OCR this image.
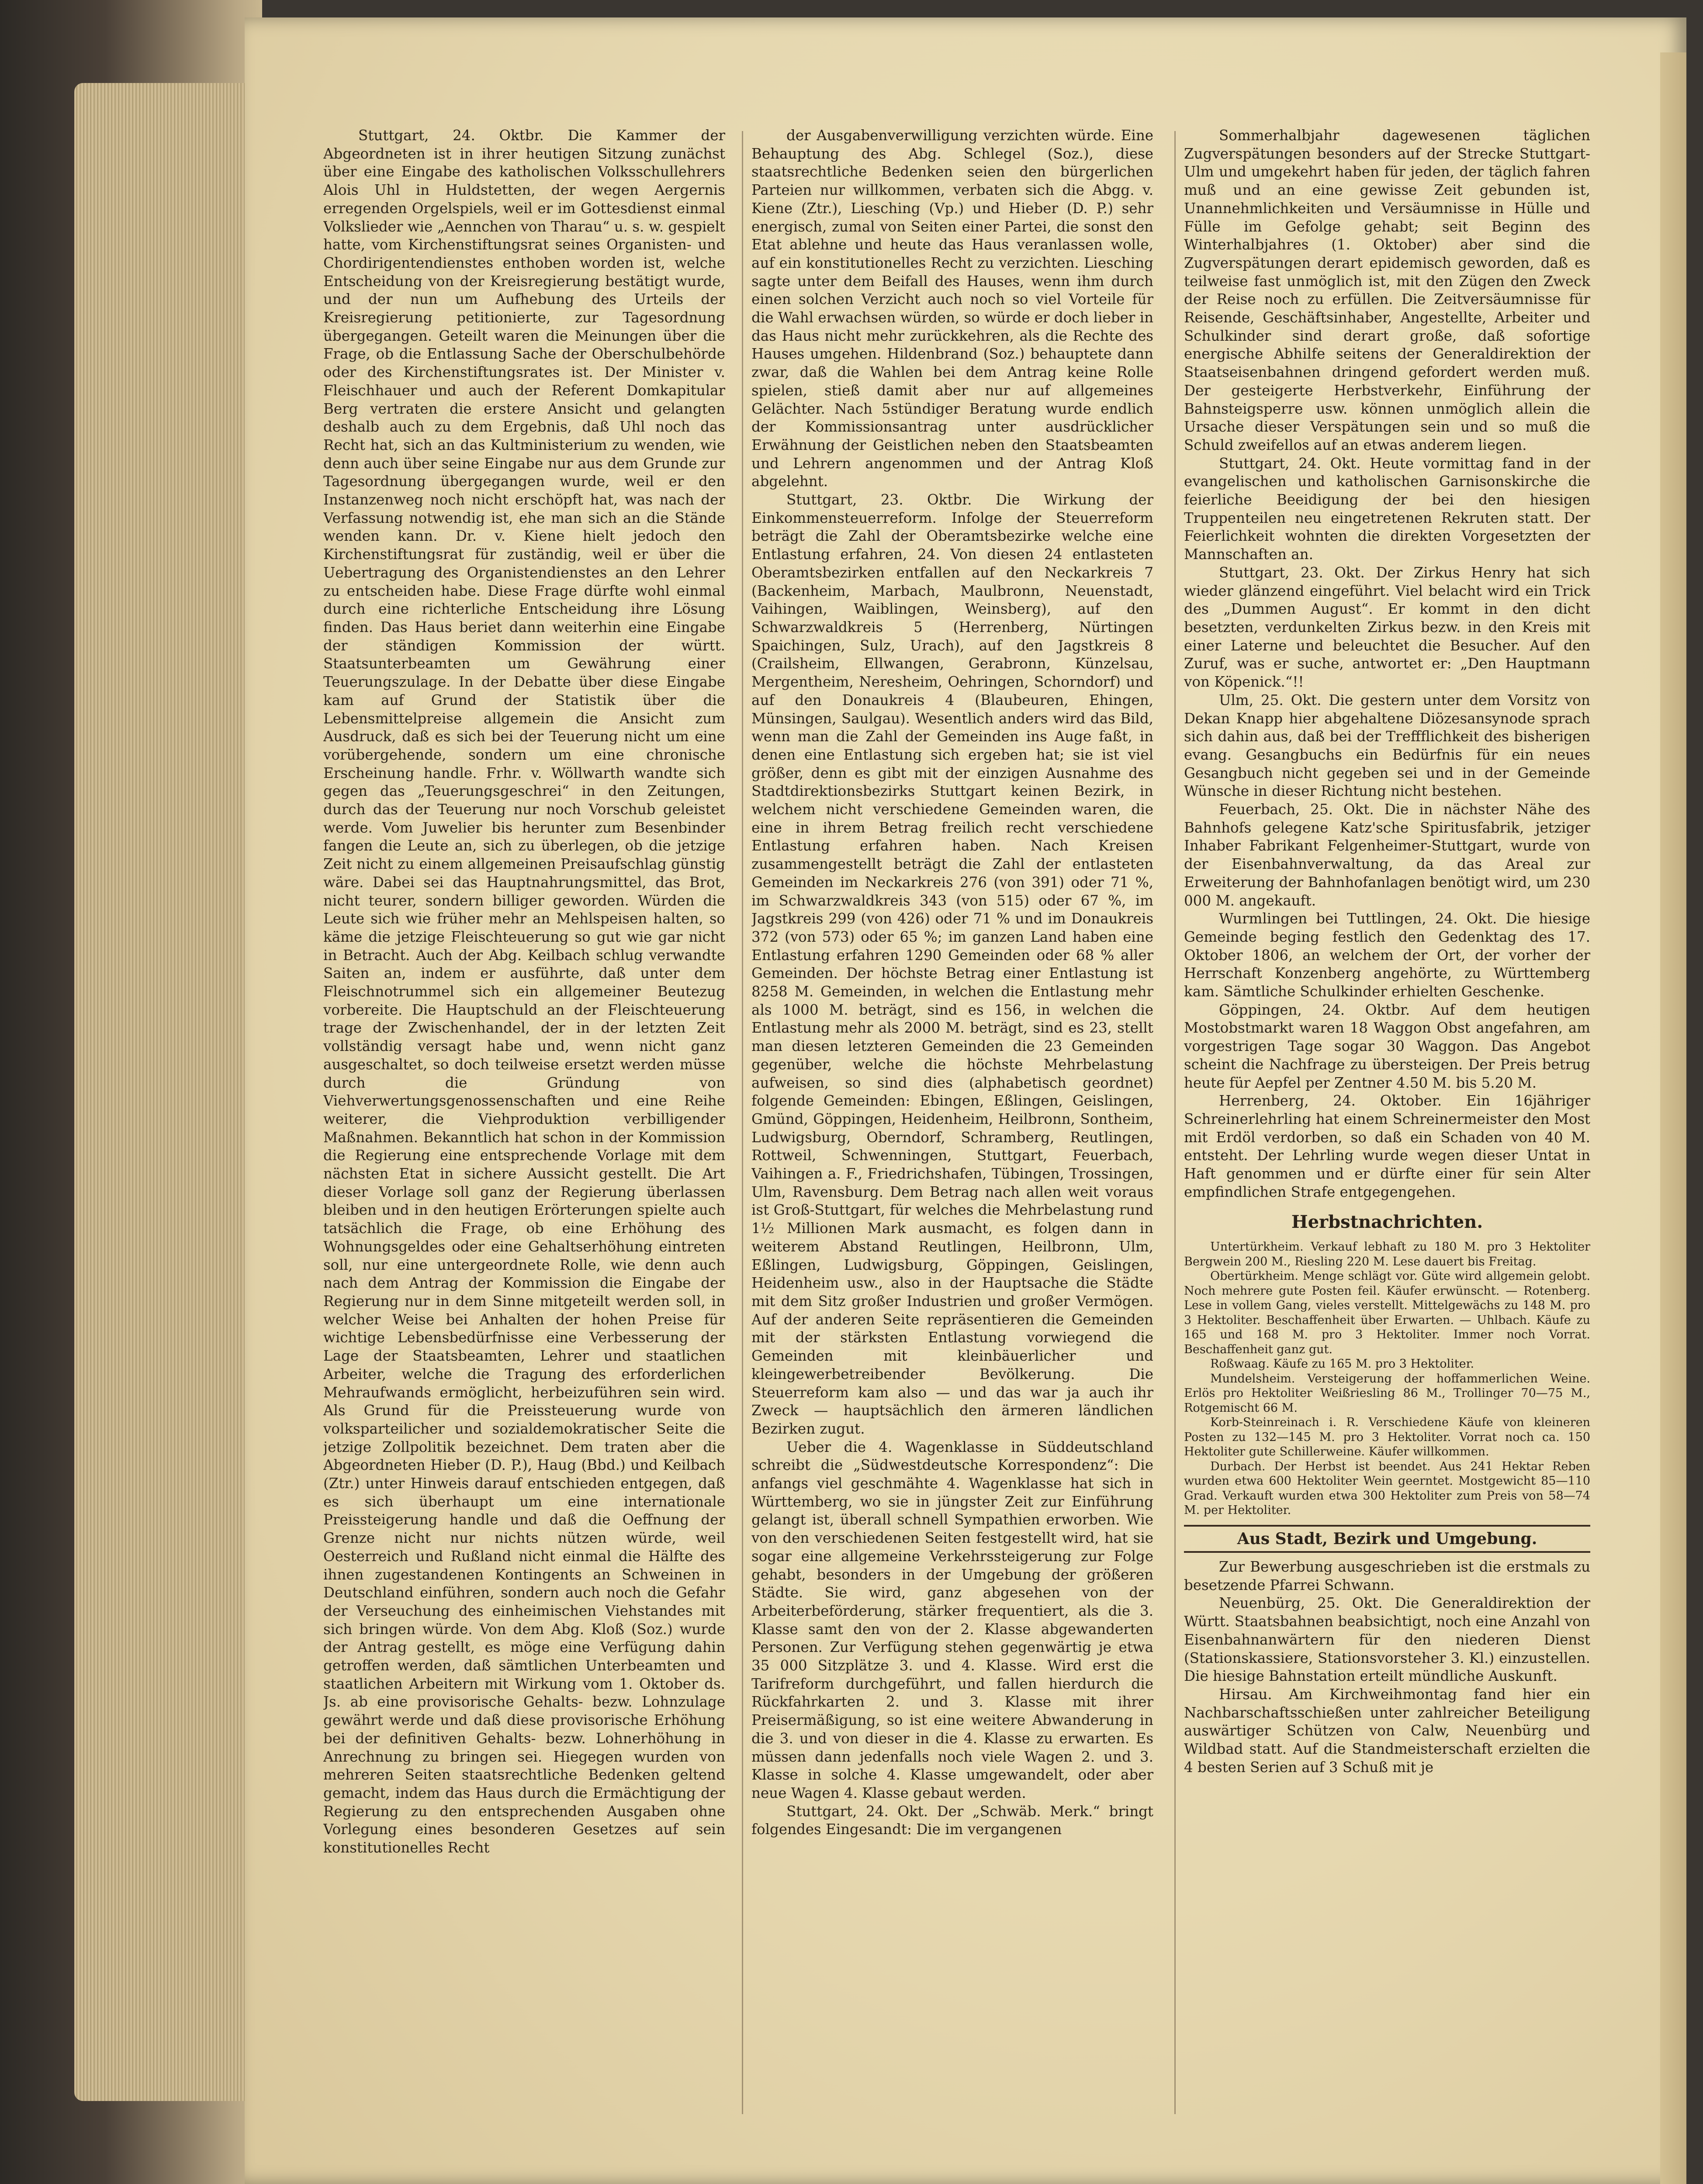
Stuttgart, 24. Oktbr. Die Kammer der Abgeordneten ist in ihrer heutigen Sitzung zunächst über eine Eingabe des katholischen Volksschullehrers Alois Uhl in Huldstetten, der wegen Aergernis erregenden Orgelspiels, weil er im Gottesdienst einmal Volkslieder wie „Aennchen von Tharau“ u. s. w. gespielt hatte, vom Kirchenstiftungsrat seines Organisten- und Chordirigentendienstes enthoben worden ist, welche Entscheidung von der Kreisregierung bestätigt wurde, und der nun um Aufhebung des Urteils der Kreisregierung petitionierte, zur Tagesordnung übergegangen. Geteilt waren die Meinungen über die Frage, ob die Entlassung Sache der Oberschulbehörde oder des Kirchenstiftungsrates ist. Der Minister v. Fleischhauer und auch der Referent Domkapitular Berg vertraten die erstere Ansicht und gelangten deshalb auch zu dem Ergebnis, daß Uhl noch das Recht hat, sich an das Kultministerium zu wenden, wie denn auch über seine Eingabe nur aus dem Grunde zur Tagesordnung übergegangen wurde, weil er den Instanzenweg noch nicht erschöpft hat, was nach der Verfassung notwendig ist, ehe man sich an die Stände wenden kann. Dr. v. Kiene hielt jedoch den Kirchenstiftungsrat für zuständig, weil er über die Uebertragung des Organistendienstes an den Lehrer zu entscheiden habe. Diese Frage dürfte wohl einmal durch eine richterliche Entscheidung ihre Lösung finden. Das Haus beriet dann weiterhin eine Eingabe der ständigen Kommission der württ. Staatsunterbeamten um Gewährung einer Teuerungszulage. In der Debatte über diese Eingabe kam auf Grund der Statistik über die Lebensmittelpreise allgemein die Ansicht zum Ausdruck, daß es sich bei der Teuerung nicht um eine vorübergehende, sondern um eine chronische Erscheinung handle. Frhr. v. Wöllwarth wandte sich gegen das „Teuerungsgeschrei“ in den Zeitungen, durch das der Teuerung nur noch Vorschub geleistet werde. Vom Juwelier bis herunter zum Besenbinder fangen die Leute an, sich zu überlegen, ob die jetzige Zeit nicht zu einem allgemeinen Preisaufschlag günstig wäre. Dabei sei das Hauptnahrungsmittel, das Brot, nicht teurer, sondern billiger geworden. Würden die Leute sich wie früher mehr an Mehlspeisen halten, so käme die jetzige Fleischteuerung so gut wie gar nicht in Betracht. Auch der Abg. Keilbach schlug verwandte Saiten an, indem er ausführte, daß unter dem Fleischnotrummel sich ein allgemeiner Beutezug vorbereite. Die Hauptschuld an der Fleischteuerung trage der Zwischenhandel, der in der letzten Zeit vollständig versagt habe und, wenn nicht ganz ausgeschaltet, so doch teilweise ersetzt werden müsse durch die Gründung von Viehverwertungsgenossenschaften und eine Reihe weiterer, die Viehproduktion verbilligender Maßnahmen. Bekanntlich hat schon in der Kommission die Regierung eine entsprechende Vorlage mit dem nächsten Etat in sichere Aussicht gestellt. Die Art dieser Vorlage soll ganz der Regierung überlassen bleiben und in den heutigen Erörterungen spielte auch tatsächlich die Frage, ob eine Erhöhung des Wohnungsgeldes oder eine Gehaltserhöhung eintreten soll, nur eine untergeordnete Rolle, wie denn auch nach dem Antrag der Kommission die Eingabe der Regierung nur in dem Sinne mitgeteilt werden soll, in welcher Weise bei Anhalten der hohen Preise für wichtige Lebensbedürfnisse eine Verbesserung der Lage der Staatsbeamten, Lehrer und staatlichen Arbeiter, welche die Tragung des erforderlichen Mehraufwands ermöglicht, herbeizuführen sein wird. Als Grund für die Preissteuerung wurde von volksparteilicher und sozialdemokratischer Seite die jetzige Zollpolitik bezeichnet. Dem traten aber die Abgeordneten Hieber (D. P.), Haug (Bbd.) und Keilbach (Ztr.) unter Hinweis darauf entschieden entgegen, daß es sich überhaupt um eine internationale Preissteigerung handle und daß die Oeffnung der Grenze nicht nur nichts nützen würde, weil Oesterreich und Rußland nicht einmal die Hälfte des ihnen zugestandenen Kontingents an Schweinen in Deutschland einführen, sondern auch noch die Gefahr der Verseuchung des einheimischen Viehstandes mit sich bringen würde. Von dem Abg. Kloß (Soz.) wurde der Antrag gestellt, es möge eine Verfügung dahin getroffen werden, daß sämtlichen Unterbeamten und staatlichen Arbeitern mit Wirkung vom 1. Oktober ds. Js. ab eine provisorische Gehalts- bezw. Lohnzulage gewährt werde und daß diese provisorische Erhöhung bei der definitiven Gehalts- bezw. Lohnerhöhung in Anrechnung zu bringen sei. Hiegegen wurden von mehreren Seiten staatsrechtliche Bedenken geltend gemacht, indem das Haus durch die Ermächtigung der Regierung zu den entsprechenden Ausgaben ohne Vorlegung eines besonderen Gesetzes auf sein konstitutionelles Recht

der Ausgabenverwilligung verzichten würde. Eine Behauptung des Abg. Schlegel (Soz.), diese staatsrechtliche Bedenken seien den bürgerlichen Parteien nur willkommen, verbaten sich die Abgg. v. Kiene (Ztr.), Liesching (Vp.) und Hieber (D. P.) sehr energisch, zumal von Seiten einer Partei, die sonst den Etat ablehne und heute das Haus veranlassen wolle, auf ein konstitutionelles Recht zu verzichten. Liesching sagte unter dem Beifall des Hauses, wenn ihm durch einen solchen Verzicht auch noch so viel Vorteile für die Wahl erwachsen würden, so würde er doch lieber in das Haus nicht mehr zurückkehren, als die Rechte des Hauses umgehen. Hildenbrand (Soz.) behauptete dann zwar, daß die Wahlen bei dem Antrag keine Rolle spielen, stieß damit aber nur auf allgemeines Gelächter. Nach 5stündiger Beratung wurde endlich der Kommissionsantrag unter ausdrücklicher Erwähnung der Geistlichen neben den Staatsbeamten und Lehrern angenommen und der Antrag Kloß abgelehnt.

Stuttgart, 23. Oktbr. Die Wirkung der Einkommensteuerreform. Infolge der Steuerreform beträgt die Zahl der Oberamtsbezirke welche eine Entlastung erfahren, 24. Von diesen 24 entlasteten Oberamtsbezirken entfallen auf den Neckarkreis 7 (Backenheim, Marbach, Maulbronn, Neuenstadt, Vaihingen, Waiblingen, Weinsberg), auf den Schwarzwaldkreis 5 (Herrenberg, Nürtingen Spaichingen, Sulz, Urach), auf den Jagstkreis 8 (Crailsheim, Ellwangen, Gerabronn, Künzelsau, Mergentheim, Neresheim, Oehringen, Schorndorf) und auf den Donaukreis 4 (Blaubeuren, Ehingen, Münsingen, Saulgau). Wesentlich anders wird das Bild, wenn man die Zahl der Gemeinden ins Auge faßt, in denen eine Entlastung sich ergeben hat; sie ist viel größer, denn es gibt mit der einzigen Ausnahme des Stadtdirektionsbezirks Stuttgart keinen Bezirk, in welchem nicht verschiedene Gemeinden waren, die eine in ihrem Betrag freilich recht verschiedene Entlastung erfahren haben. Nach Kreisen zusammengestellt beträgt die Zahl der entlasteten Gemeinden im Neckarkreis 276 (von 391) oder 71 %, im Schwarzwaldkreis 343 (von 515) oder 67 %, im Jagstkreis 299 (von 426) oder 71 % und im Donaukreis 372 (von 573) oder 65 %; im ganzen Land haben eine Entlastung erfahren 1290 Gemeinden oder 68 % aller Gemeinden. Der höchste Betrag einer Entlastung ist 8258 M. Gemeinden, in welchen die Entlastung mehr als 1000 M. beträgt, sind es 156, in welchen die Entlastung mehr als 2000 M. beträgt, sind es 23, stellt man diesen letzteren Gemeinden die 23 Gemeinden gegenüber, welche die höchste Mehrbelastung aufweisen, so sind dies (alphabetisch geordnet) folgende Gemeinden: Ebingen, Eßlingen, Geislingen, Gmünd, Göppingen, Heidenheim, Heilbronn, Sontheim, Ludwigsburg, Oberndorf, Schramberg, Reutlingen, Rottweil, Schwenningen, Stuttgart, Feuerbach, Vaihingen a. F., Friedrichshafen, Tübingen, Trossingen, Ulm, Ravensburg. Dem Betrag nach allen weit voraus ist Groß-Stuttgart, für welches die Mehrbelastung rund 1½ Millionen Mark ausmacht, es folgen dann in weiterem Abstand Reutlingen, Heilbronn, Ulm, Eßlingen, Ludwigsburg, Göppingen, Geislingen, Heidenheim usw., also in der Hauptsache die Städte mit dem Sitz großer Industrien und großer Vermögen. Auf der anderen Seite repräsentieren die Gemeinden mit der stärksten Entlastung vorwiegend die Gemeinden mit kleinbäuerlicher und kleingewerbetreibender Bevölkerung. Die Steuerreform kam also — und das war ja auch ihr Zweck — hauptsächlich den ärmeren ländlichen Bezirken zugut.

Ueber die 4. Wagenklasse in Süddeutschland schreibt die „Südwestdeutsche Korrespondenz“: Die anfangs viel geschmähte 4. Wagenklasse hat sich in Württemberg, wo sie in jüngster Zeit zur Einführung gelangt ist, überall schnell Sympathien erworben. Wie von den verschiedenen Seiten festgestellt wird, hat sie sogar eine allgemeine Verkehrssteigerung zur Folge gehabt, besonders in der Umgebung der größeren Städte. Sie wird, ganz abgesehen von der Arbeiterbeförderung, stärker frequentiert, als die 3. Klasse samt den von der 2. Klasse abgewanderten Personen. Zur Verfügung stehen gegenwärtig je etwa 35 000 Sitzplätze 3. und 4. Klasse. Wird erst die Tarifreform durchgeführt, und fallen hierdurch die Rückfahrkarten 2. und 3. Klasse mit ihrer Preisermäßigung, so ist eine weitere Abwanderung in die 3. und von dieser in die 4. Klasse zu erwarten. Es müssen dann jedenfalls noch viele Wagen 2. und 3. Klasse in solche 4. Klasse umgewandelt, oder aber neue Wagen 4. Klasse gebaut werden.

Stuttgart, 24. Okt. Der „Schwäb. Merk.“ bringt folgendes Eingesandt: Die im vergangenen

Sommerhalbjahr dagewesenen täglichen Zugverspätungen besonders auf der Strecke Stuttgart-Ulm und umgekehrt haben für jeden, der täglich fahren muß und an eine gewisse Zeit gebunden ist, Unannehmlichkeiten und Versäumnisse in Hülle und Fülle im Gefolge gehabt; seit Beginn des Winterhalbjahres (1. Oktober) aber sind die Zugverspätungen derart epidemisch geworden, daß es teilweise fast unmöglich ist, mit den Zügen den Zweck der Reise noch zu erfüllen. Die Zeitversäumnisse für Reisende, Geschäftsinhaber, Angestellte, Arbeiter und Schulkinder sind derart große, daß sofortige energische Abhilfe seitens der Generaldirektion der Staatseisenbahnen dringend gefordert werden muß. Der gesteigerte Herbstverkehr, Einführung der Bahnsteigsperre usw. können unmöglich allein die Ursache dieser Verspätungen sein und so muß die Schuld zweifellos auf an etwas anderem liegen.

Stuttgart, 24. Okt. Heute vormittag fand in der evangelischen und katholischen Garnisonskirche die feierliche Beeidigung der bei den hiesigen Truppenteilen neu eingetretenen Rekruten statt. Der Feierlichkeit wohnten die direkten Vorgesetzten der Mannschaften an.

Stuttgart, 23. Okt. Der Zirkus Henry hat sich wieder glänzend eingeführt. Viel belacht wird ein Trick des „Dummen August“. Er kommt in den dicht besetzten, verdunkelten Zirkus bezw. in den Kreis mit einer Laterne und beleuchtet die Besucher. Auf den Zuruf, was er suche, antwortet er: „Den Hauptmann von Köpenick.“!!

Ulm, 25. Okt. Die gestern unter dem Vorsitz von Dekan Knapp hier abgehaltene Diözesansynode sprach sich dahin aus, daß bei der Treffflichkeit des bisherigen evang. Gesangbuchs ein Bedürfnis für ein neues Gesangbuch nicht gegeben sei und in der Gemeinde Wünsche in dieser Richtung nicht bestehen.

Feuerbach, 25. Okt. Die in nächster Nähe des Bahnhofs gelegene Katz'sche Spiritusfabrik, jetziger Inhaber Fabrikant Felgenheimer-Stuttgart, wurde von der Eisenbahnverwaltung, da das Areal zur Erweiterung der Bahnhofanlagen benötigt wird, um 230 000 M. angekauft.

Wurmlingen bei Tuttlingen, 24. Okt. Die hiesige Gemeinde beging festlich den Gedenktag des 17. Oktober 1806, an welchem der Ort, der vorher der Herrschaft Konzenberg angehörte, zu Württemberg kam. Sämtliche Schulkinder erhielten Geschenke.

Göppingen, 24. Oktbr. Auf dem heutigen Mostobstmarkt waren 18 Waggon Obst angefahren, am vorgestrigen Tage sogar 30 Waggon. Das Angebot scheint die Nachfrage zu übersteigen. Der Preis betrug heute für Aepfel per Zentner 4.50 M. bis 5.20 M.

Herrenberg, 24. Oktober. Ein 16jähriger Schreinerlehrling hat einem Schreinermeister den Most mit Erdöl verdorben, so daß ein Schaden von 40 M. entsteht. Der Lehrling wurde wegen dieser Untat in Haft genommen und er dürfte einer für sein Alter empfindlichen Strafe entgegengehen.

Herbstnachrichten.

Untertürkheim. Verkauf lebhaft zu 180 M. pro 3 Hektoliter Bergwein 200 M., Riesling 220 M. Lese dauert bis Freitag.

Obertürkheim. Menge schlägt vor. Güte wird allgemein gelobt. Noch mehrere gute Posten feil. Käufer erwünscht. — Rotenberg. Lese in vollem Gang, vieles verstellt. Mittelgewächs zu 148 M. pro 3 Hektoliter. Beschaffenheit über Erwarten. — Uhlbach. Käufe zu 165 und 168 M. pro 3 Hektoliter. Immer noch Vorrat. Beschaffenheit ganz gut.

Roßwaag. Käufe zu 165 M. pro 3 Hektoliter.

Mundelsheim. Versteigerung der hoffammerlichen Weine. Erlös pro Hektoliter Weißriesling 86 M., Trollinger 70—75 M., Rotgemischt 66 M.

Korb-Steinreinach i. R. Verschiedene Käufe von kleineren Posten zu 132—145 M. pro 3 Hektoliter. Vorrat noch ca. 150 Hektoliter gute Schillerweine. Käufer willkommen.

Durbach. Der Herbst ist beendet. Aus 241 Hektar Reben wurden etwa 600 Hektoliter Wein geerntet. Mostgewicht 85—110 Grad. Verkauft wurden etwa 300 Hektoliter zum Preis von 58—74 M. per Hektoliter.

Aus Stadt, Bezirk und Umgebung.

Zur Bewerbung ausgeschrieben ist die erstmals zu besetzende Pfarrei Schwann.

Neuenbürg, 25. Okt. Die Generaldirektion der Württ. Staatsbahnen beabsichtigt, noch eine Anzahl von Eisenbahnanwärtern für den niederen Dienst (Stationskassiere, Stationsvorsteher 3. Kl.) einzustellen. Die hiesige Bahnstation erteilt mündliche Auskunft.

Hirsau. Am Kirchweihmontag fand hier ein Nachbarschaftsschießen unter zahlreicher Beteiligung auswärtiger Schützen von Calw, Neuenbürg und Wildbad statt. Auf die Standmeisterschaft erzielten die 4 besten Serien auf 3 Schuß mit je
